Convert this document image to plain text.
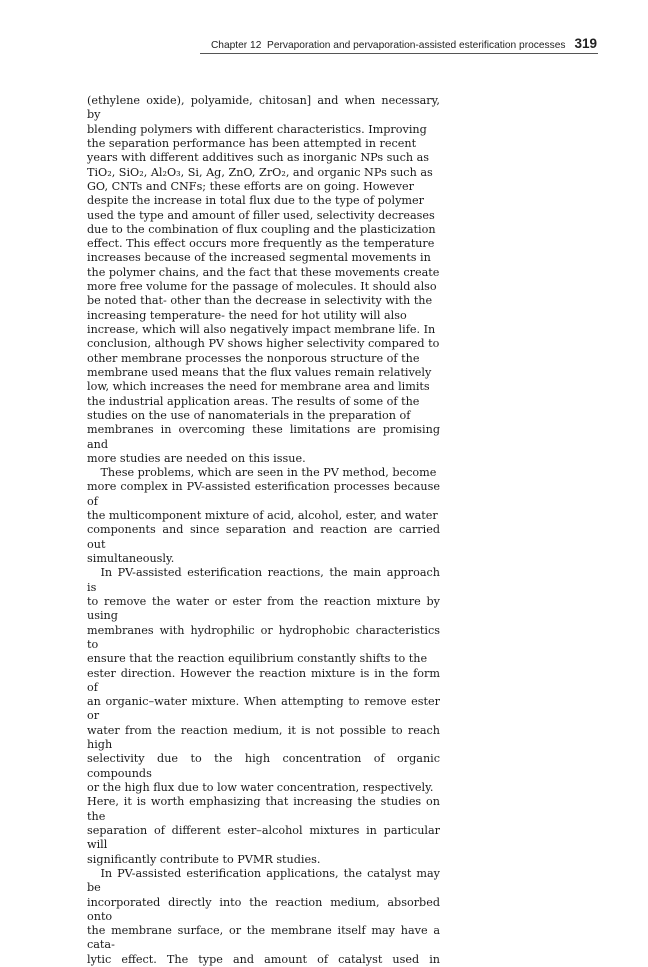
Chapter 12 Pervaporation and pervaporation-assisted esterification processes 319

(ethylene oxide), polyamide, chitosan] and when necessary, by
blending polymers with different characteristics. Improving
the separation performance has been attempted in recent
years with different additives such as inorganic NPs such as
TiO₂, SiO₂, Al₂O₃, Si, Ag, ZnO, ZrO₂, and organic NPs such as
GO, CNTs and CNFs; these efforts are on going. However
despite the increase in total flux due to the type of polymer
used the type and amount of filler used, selectivity decreases
due to the combination of flux coupling and the plasticization
effect. This effect occurs more frequently as the temperature
increases because of the increased segmental movements in
the polymer chains, and the fact that these movements create
more free volume for the passage of molecules. It should also
be noted that- other than the decrease in selectivity with the
increasing temperature- the need for hot utility will also
increase, which will also negatively impact membrane life. In
conclusion, although PV shows higher selectivity compared to
other membrane processes the nonporous structure of the
membrane used means that the flux values remain relatively
low, which increases the need for membrane area and limits
the industrial application areas. The results of some of the
studies on the use of nanomaterials in the preparation of
membranes in overcoming these limitations are promising and
more studies are needed on this issue.

These problems, which are seen in the PV method, become
more complex in PV-assisted esterification processes because of
the multicomponent mixture of acid, alcohol, ester, and water
components and since separation and reaction are carried out
simultaneously.

In PV-assisted esterification reactions, the main approach is
to remove the water or ester from the reaction mixture by using
membranes with hydrophilic or hydrophobic characteristics to
ensure that the reaction equilibrium constantly shifts to the
ester direction. However the reaction mixture is in the form of
an organic–water mixture. When attempting to remove ester or
water from the reaction medium, it is not possible to reach high
selectivity due to the high concentration of organic compounds
or the high flux due to low water concentration, respectively.
Here, it is worth emphasizing that increasing the studies on the
separation of different ester–alcohol mixtures in particular will
significantly contribute to PVMR studies.

In PV-assisted esterification applications, the catalyst may be
incorporated directly into the reaction medium, absorbed onto
the membrane surface, or the membrane itself may have a cata-
lytic effect. The type and amount of catalyst used in
